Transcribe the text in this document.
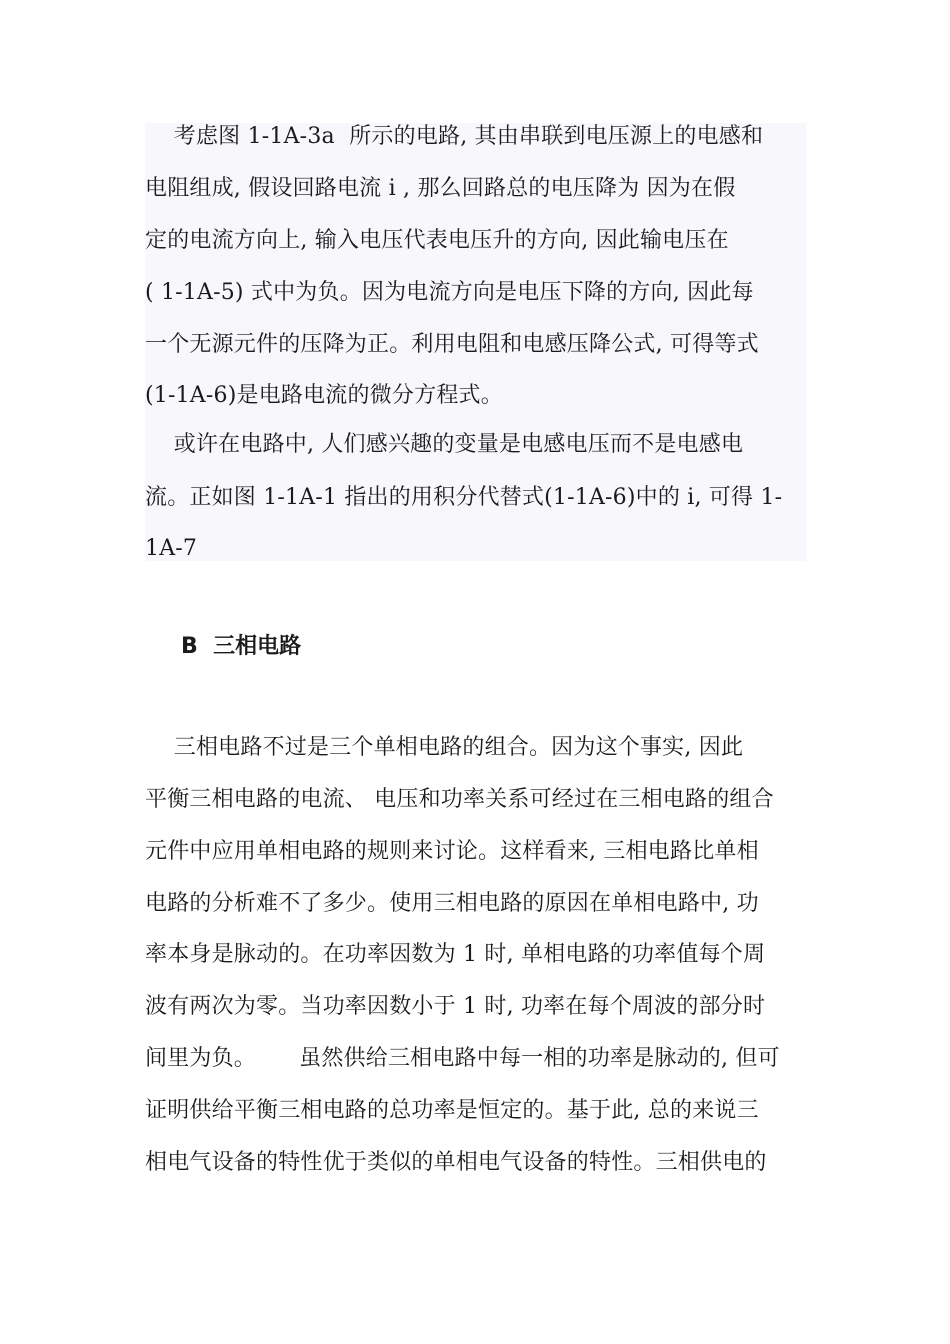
考虑图 1-1A-3a  所示的电路, 其由串联到电压源上的电感和
电阻组成, 假设回路电流 i , 那么回路总的电压降为 因为在假
定的电流方向上, 输入电压代表电压升的方向, 因此输电压在
( 1-1A-5) 式中为负。因为电流方向是电压下降的方向, 因此每
一个无源元件的压降为正。利用电阻和电感压降公式, 可得等式
(1-1A-6)是电路电流的微分方程式。
或许在电路中, 人们感兴趣的变量是电感电压而不是电感电
流。正如图 1-1A-1 指出的用积分代替式(1-1A-6)中的 i, 可得 1-
1A-7
B  三相电路
三相电路不过是三个单相电路的组合。因为这个事实, 因此
平衡三相电路的电流、 电压和功率关系可经过在三相电路的组合
元件中应用单相电路的规则来讨论。这样看来, 三相电路比单相
电路的分析难不了多少。使用三相电路的原因在单相电路中, 功
率本身是脉动的。在功率因数为 1 时, 单相电路的功率值每个周
波有两次为零。当功率因数小于 1 时, 功率在每个周波的部分时
间里为负。      虽然供给三相电路中每一相的功率是脉动的, 但可
证明供给平衡三相电路的总功率是恒定的。基于此, 总的来说三
相电气设备的特性优于类似的单相电气设备的特性。三相供电的
